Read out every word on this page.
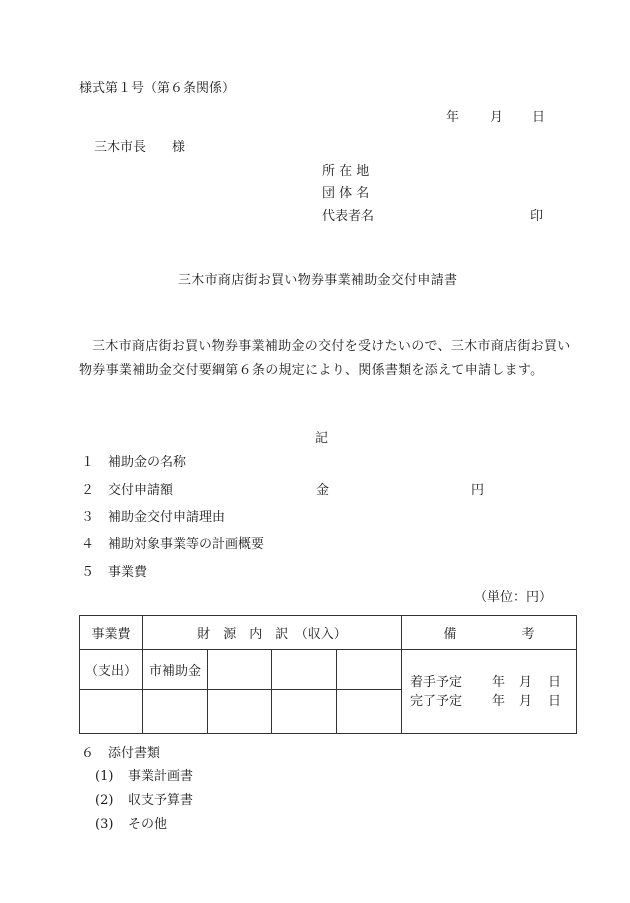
様式第１号（第６条関係）
年 月 日
三木市長　　様
所 在 地
団 体 名
代表者名	印
三木市商店街お買い物券事業補助金交付申請書
三木市商店街お買い物券事業補助金の交付を受けたいので、三木市商店街お買い物券事業補助金交付要綱第６条の規定により、関係書類を添えて申請します。
記
１ 補助金の名称
２ 交付申請額	金	円
３ 補助金交付申請理由
４ 補助対象事業等の計画概要
５ 事業費
（単位：円）
事業費	財　源　内　訳　（収入）				備　　　　　考
（支出）	市補助金				着手予定 年 月 日
完了予定 年 月 日

６ 添付書類
(1) 事業計画書
(2) 収支予算書
(3) その他
